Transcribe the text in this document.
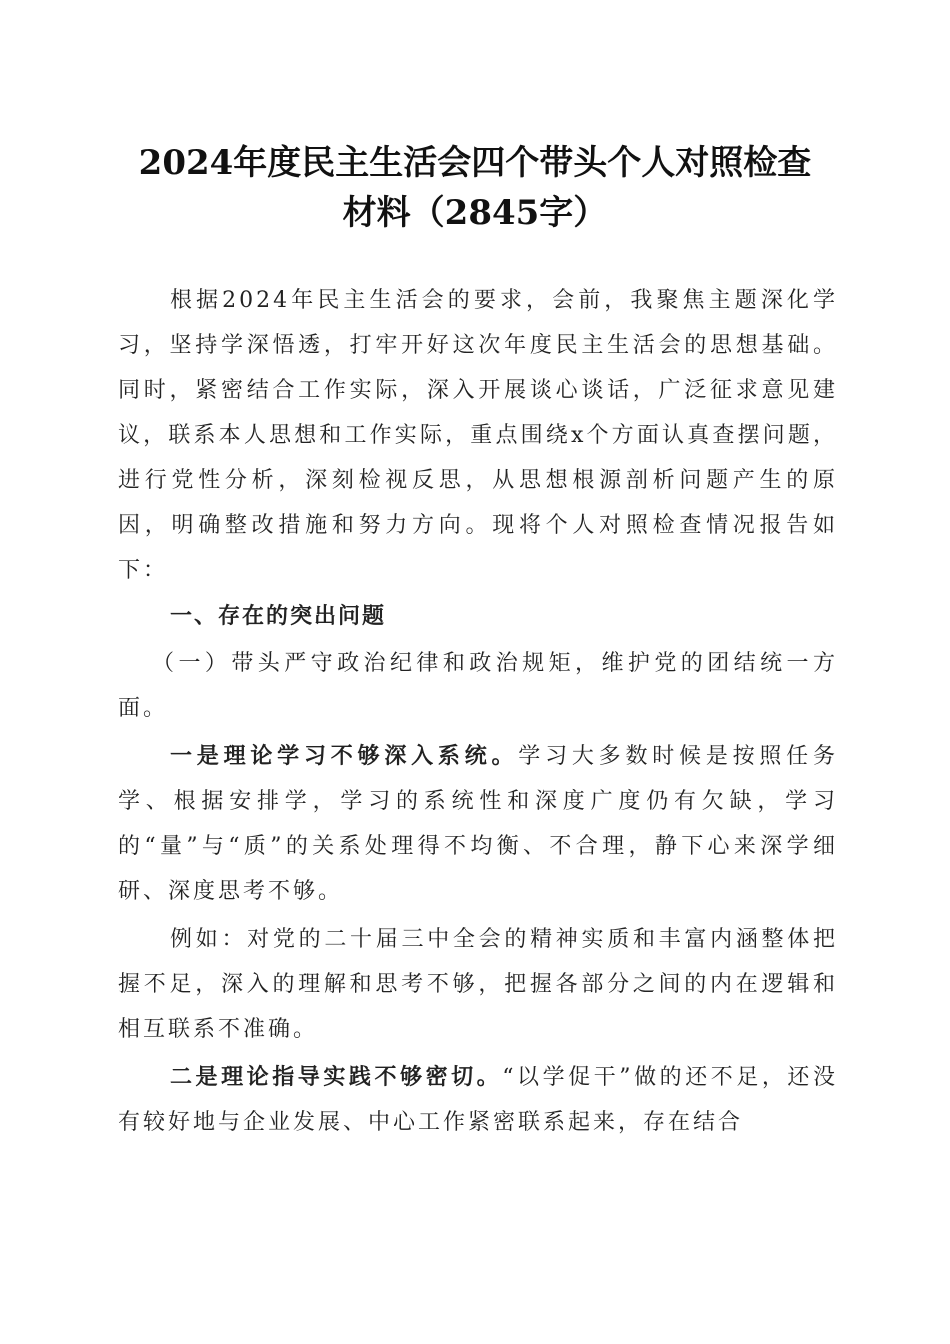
2024年度民主生活会四个带头个人对照检查
材料（2845字）

根据2024年民主生活会的要求，会前，我聚焦主题深化学习，坚持学深悟透，打牢开好这次年度民主生活会的思想基础。同时，紧密结合工作实际，深入开展谈心谈话，广泛征求意见建议，联系本人思想和工作实际，重点围绕x个方面认真查摆问题，进行党性分析，深刻检视反思，从思想根源剖析问题产生的原因，明确整改措施和努力方向。现将个人对照检查情况报告如下：

一、存在的突出问题

（一）带头严守政治纪律和政治规矩，维护党的团结统一方面。

一是理论学习不够深入系统。学习大多数时候是按照任务学、根据安排学，学习的系统性和深度广度仍有欠缺，学习的“量”与“质”的关系处理得不均衡、不合理，静下心来深学细研、深度思考不够。

例如：对党的二十届三中全会的精神实质和丰富内涵整体把握不足，深入的理解和思考不够，把握各部分之间的内在逻辑和相互联系不准确。

二是理论指导实践不够密切。“以学促干”做的还不足，还没有较好地与企业发展、中心工作紧密联系起来，存在结合
